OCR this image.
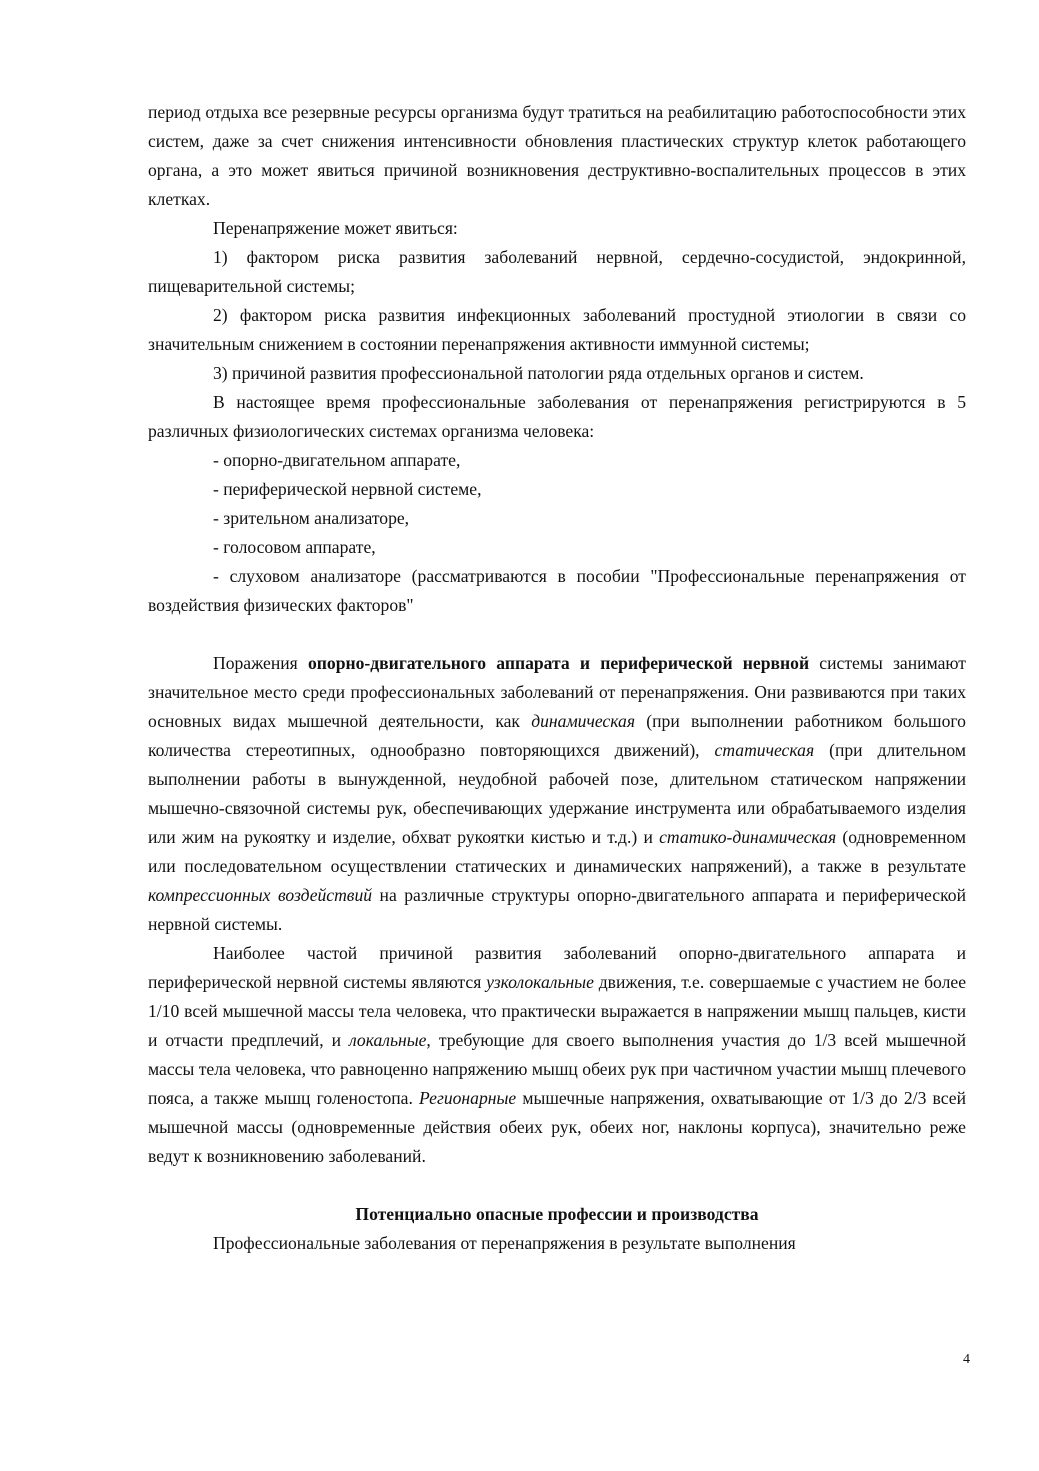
период отдыха все резервные ресурсы организма будут тратиться на реабилитацию работоспособности этих систем, даже за счет снижения интенсивности обновления пластических структур клеток работающего органа, а это может явиться причиной возникновения деструктивно-воспалительных процессов в этих клетках.

Перенапряжение может явиться:

1) фактором риска развития заболеваний нервной, сердечно-сосудистой, эндокринной, пищеварительной системы;

2) фактором риска развития инфекционных заболеваний простудной этиологии в связи со значительным снижением в состоянии перенапряжения активности иммунной системы;

3) причиной развития профессиональной патологии ряда отдельных органов и систем.

В настоящее время профессиональные заболевания от перенапряжения регистрируются в 5 различных физиологических системах организма человека:

- опорно-двигательном аппарате,

- периферической нервной системе,

- зрительном анализаторе,

- голосовом аппарате,

- слуховом анализаторе (рассматриваются в пособии "Профессиональные перенапряжения от воздействия физических факторов"

Поражения опорно-двигательного аппарата и периферической нервной системы занимают значительное место среди профессиональных заболеваний от перенапряжения. Они развиваются при таких основных видах мышечной деятельности, как динамическая (при выполнении работником большого количества стереотипных, однообразно повторяющихся движений), статическая (при длительном выполнении работы в вынужденной, неудобной рабочей позе, длительном статическом напряжении мышечно-связочной системы рук, обеспечивающих удержание инструмента или обрабатываемого изделия или жим на рукоятку и изделие, обхват рукоятки кистью и т.д.) и статико-динамическая (одновременном или последовательном осуществлении статических и динамических напряжений), а также в результате компрессионных воздействий на различные структуры опорно-двигательного аппарата и периферической нервной системы.

Наиболее частой причиной развития заболеваний опорно-двигательного аппарата и периферической нервной системы являются узколокальные движения, т.е. совершаемые с участием не более 1/10 всей мышечной массы тела человека, что практически выражается в напряжении мышц пальцев, кисти и отчасти предплечий, и локальные, требующие для своего выполнения участия до 1/3 всей мышечной массы тела человека, что равноценно напряжению мышц обеих рук при частичном участии мышц плечевого пояса, а также мышц голеностопа. Регионарные мышечные напряжения, охватывающие от 1/3 до 2/3 всей мышечной массы (одновременные действия обеих рук, обеих ног, наклоны корпуса), значительно реже ведут к возникновению заболеваний.

Потенциально опасные профессии и производства

Профессиональные заболевания от перенапряжения в результате выполнения

4
